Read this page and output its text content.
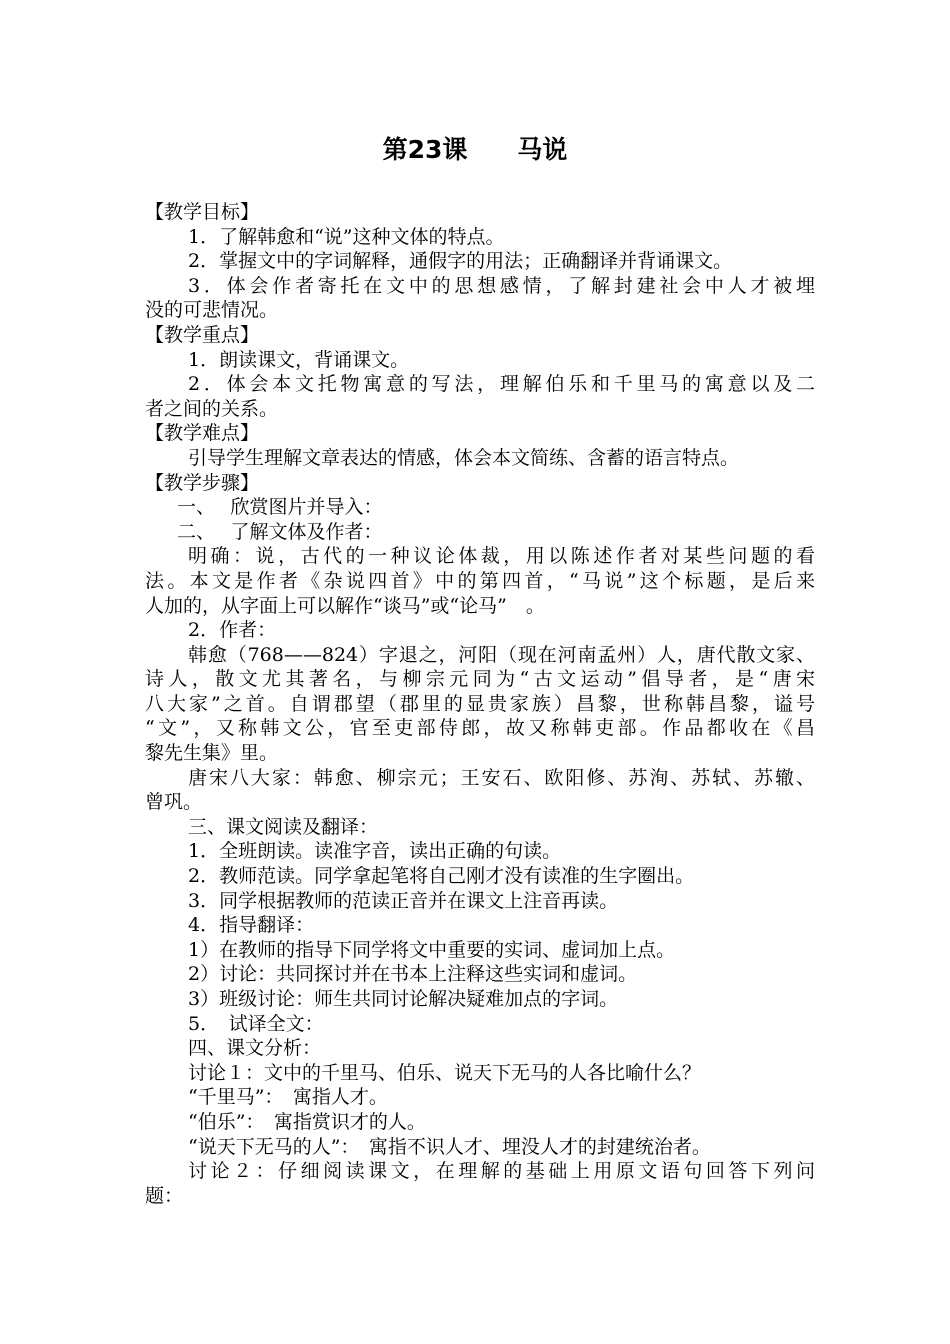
第23课　　马说
【教学目标】
1．了解韩愈和“说”这种文体的特点。
2．掌握文中的字词解释，通假字的用法；正确翻译并背诵课文。
3．体会作者寄托在文中的思想感情，了解封建社会中人才被埋
没的可悲情况。
【教学重点】
1．朗读课文，背诵课文。
2．体会本文托物寓意的写法，理解伯乐和千里马的寓意以及二
者之间的关系。
【教学难点】
引导学生理解文章表达的情感，体会本文简练、含蓄的语言特点。
【教学步骤】
一、　 欣赏图片并导入：
二、　 了解文体及作者：
明确：说，古代的一种议论体裁，用以陈述作者对某些问题的看
法。本文是作者《杂说四首》中的第四首，“马说”这个标题，是后来
人加的，从字面上可以解作“谈马”或“论马”　。
2．作者：
韩愈（768——824）字退之，河阳（现在河南孟州）人，唐代散文家、
诗人，散文尤其著名，与柳宗元同为“古文运动”倡导者，是“唐宋
八大家”之首。自谓郡望（郡里的显贵家族）昌黎，世称韩昌黎，谥号
“文”，又称韩文公，官至吏部侍郎，故又称韩吏部。作品都收在《昌
黎先生集》里。
唐宋八大家：韩愈、柳宗元；王安石、欧阳修、苏洵、苏轼、苏辙、
曾巩。
三、课文阅读及翻译：
1．全班朗读。读准字音，读出正确的句读。
2．教师范读。同学拿起笔将自己刚才没有读准的生字圈出。
3．同学根据教师的范读正音并在课文上注音再读。
4．指导翻译：
1）在教师的指导下同学将文中重要的实词、虚词加上点。
2）讨论：共同探讨并在书本上注释这些实词和虚词。
3）班级讨论：师生共同讨论解决疑难加点的字词。
5．　试译全文：
四、课文分析：
讨论１：文中的千里马、伯乐、说天下无马的人各比喻什么？
“千里马”：　寓指人才。
“伯乐”：　寓指赏识才的人。
“说天下无马的人”：　寓指不识人才、埋没人才的封建统治者。
讨论２：仔细阅读课文，在理解的基础上用原文语句回答下列问
题：
